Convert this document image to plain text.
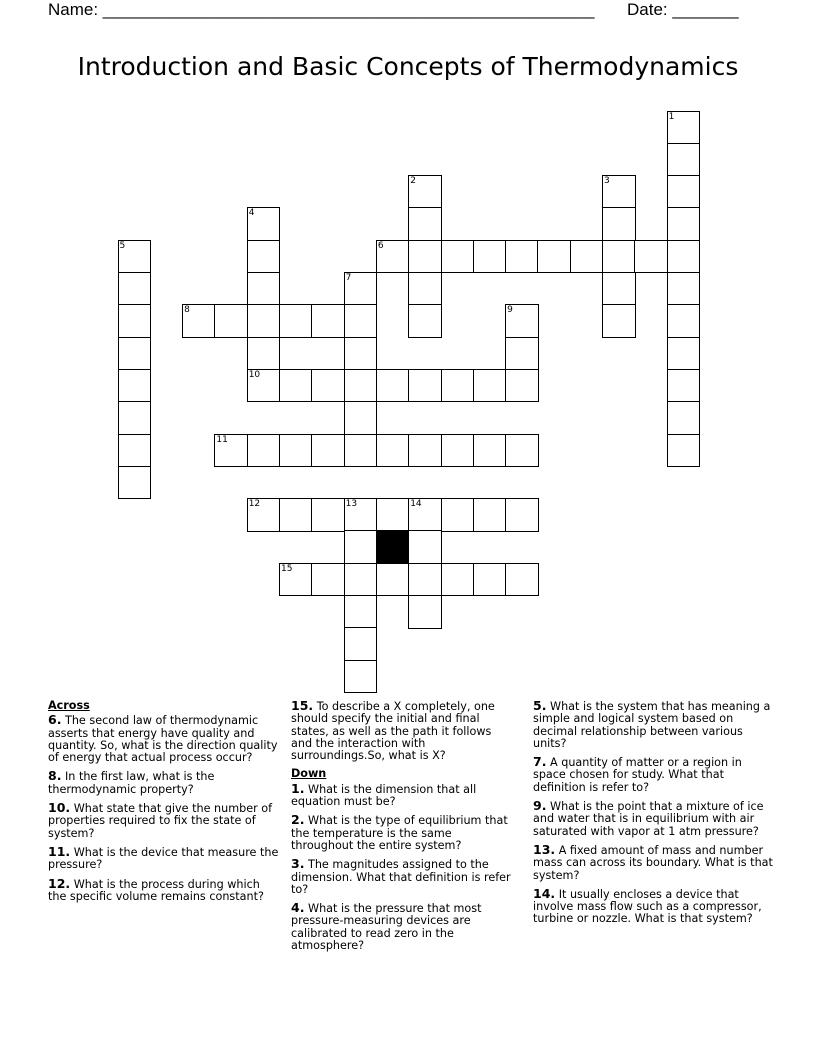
Name: ____________________________________________________ Date: _______
Introduction and Basic Concepts of Thermodynamics
1
2	3
4
10
5	6
7
8	9
11
12	13	14
15
Across

6. The second law of thermodynamic asserts that energy have quality and quantity. So, what is the direction quality of energy that actual process occur?

8. In the first law, what is the thermodynamic property?

10. What state that give the number of properties required to fix the state of system?

11. What is the device that measure the pressure?

12. What is the process during which the specific volume remains constant?

15. To describe a X completely, one should specify the initial and final states, as well as the path it follows and the interaction with surroundings.So, what is X?

Down

1. What is the dimension that all equation must be?

2. What is the type of equilibrium that the temperature is the same throughout the entire system?

3. The magnitudes assigned to the dimension. What that definition is refer to?

4. What is the pressure that most pressure-measuring devices are calibrated to read zero in the atmosphere?

5. What is the system that has meaning a simple and logical system based on decimal relationship between various units?

7. A quantity of matter or a region in space chosen for study. What that definition is refer to?

9. What is the point that a mixture of ice and water that is in equilibrium with air saturated with vapor at 1 atm pressure?

13. A fixed amount of mass and number mass can across its boundary. What is that system?

14. It usually encloses a device that involve mass flow such as a compressor, turbine or nozzle. What is that system?
